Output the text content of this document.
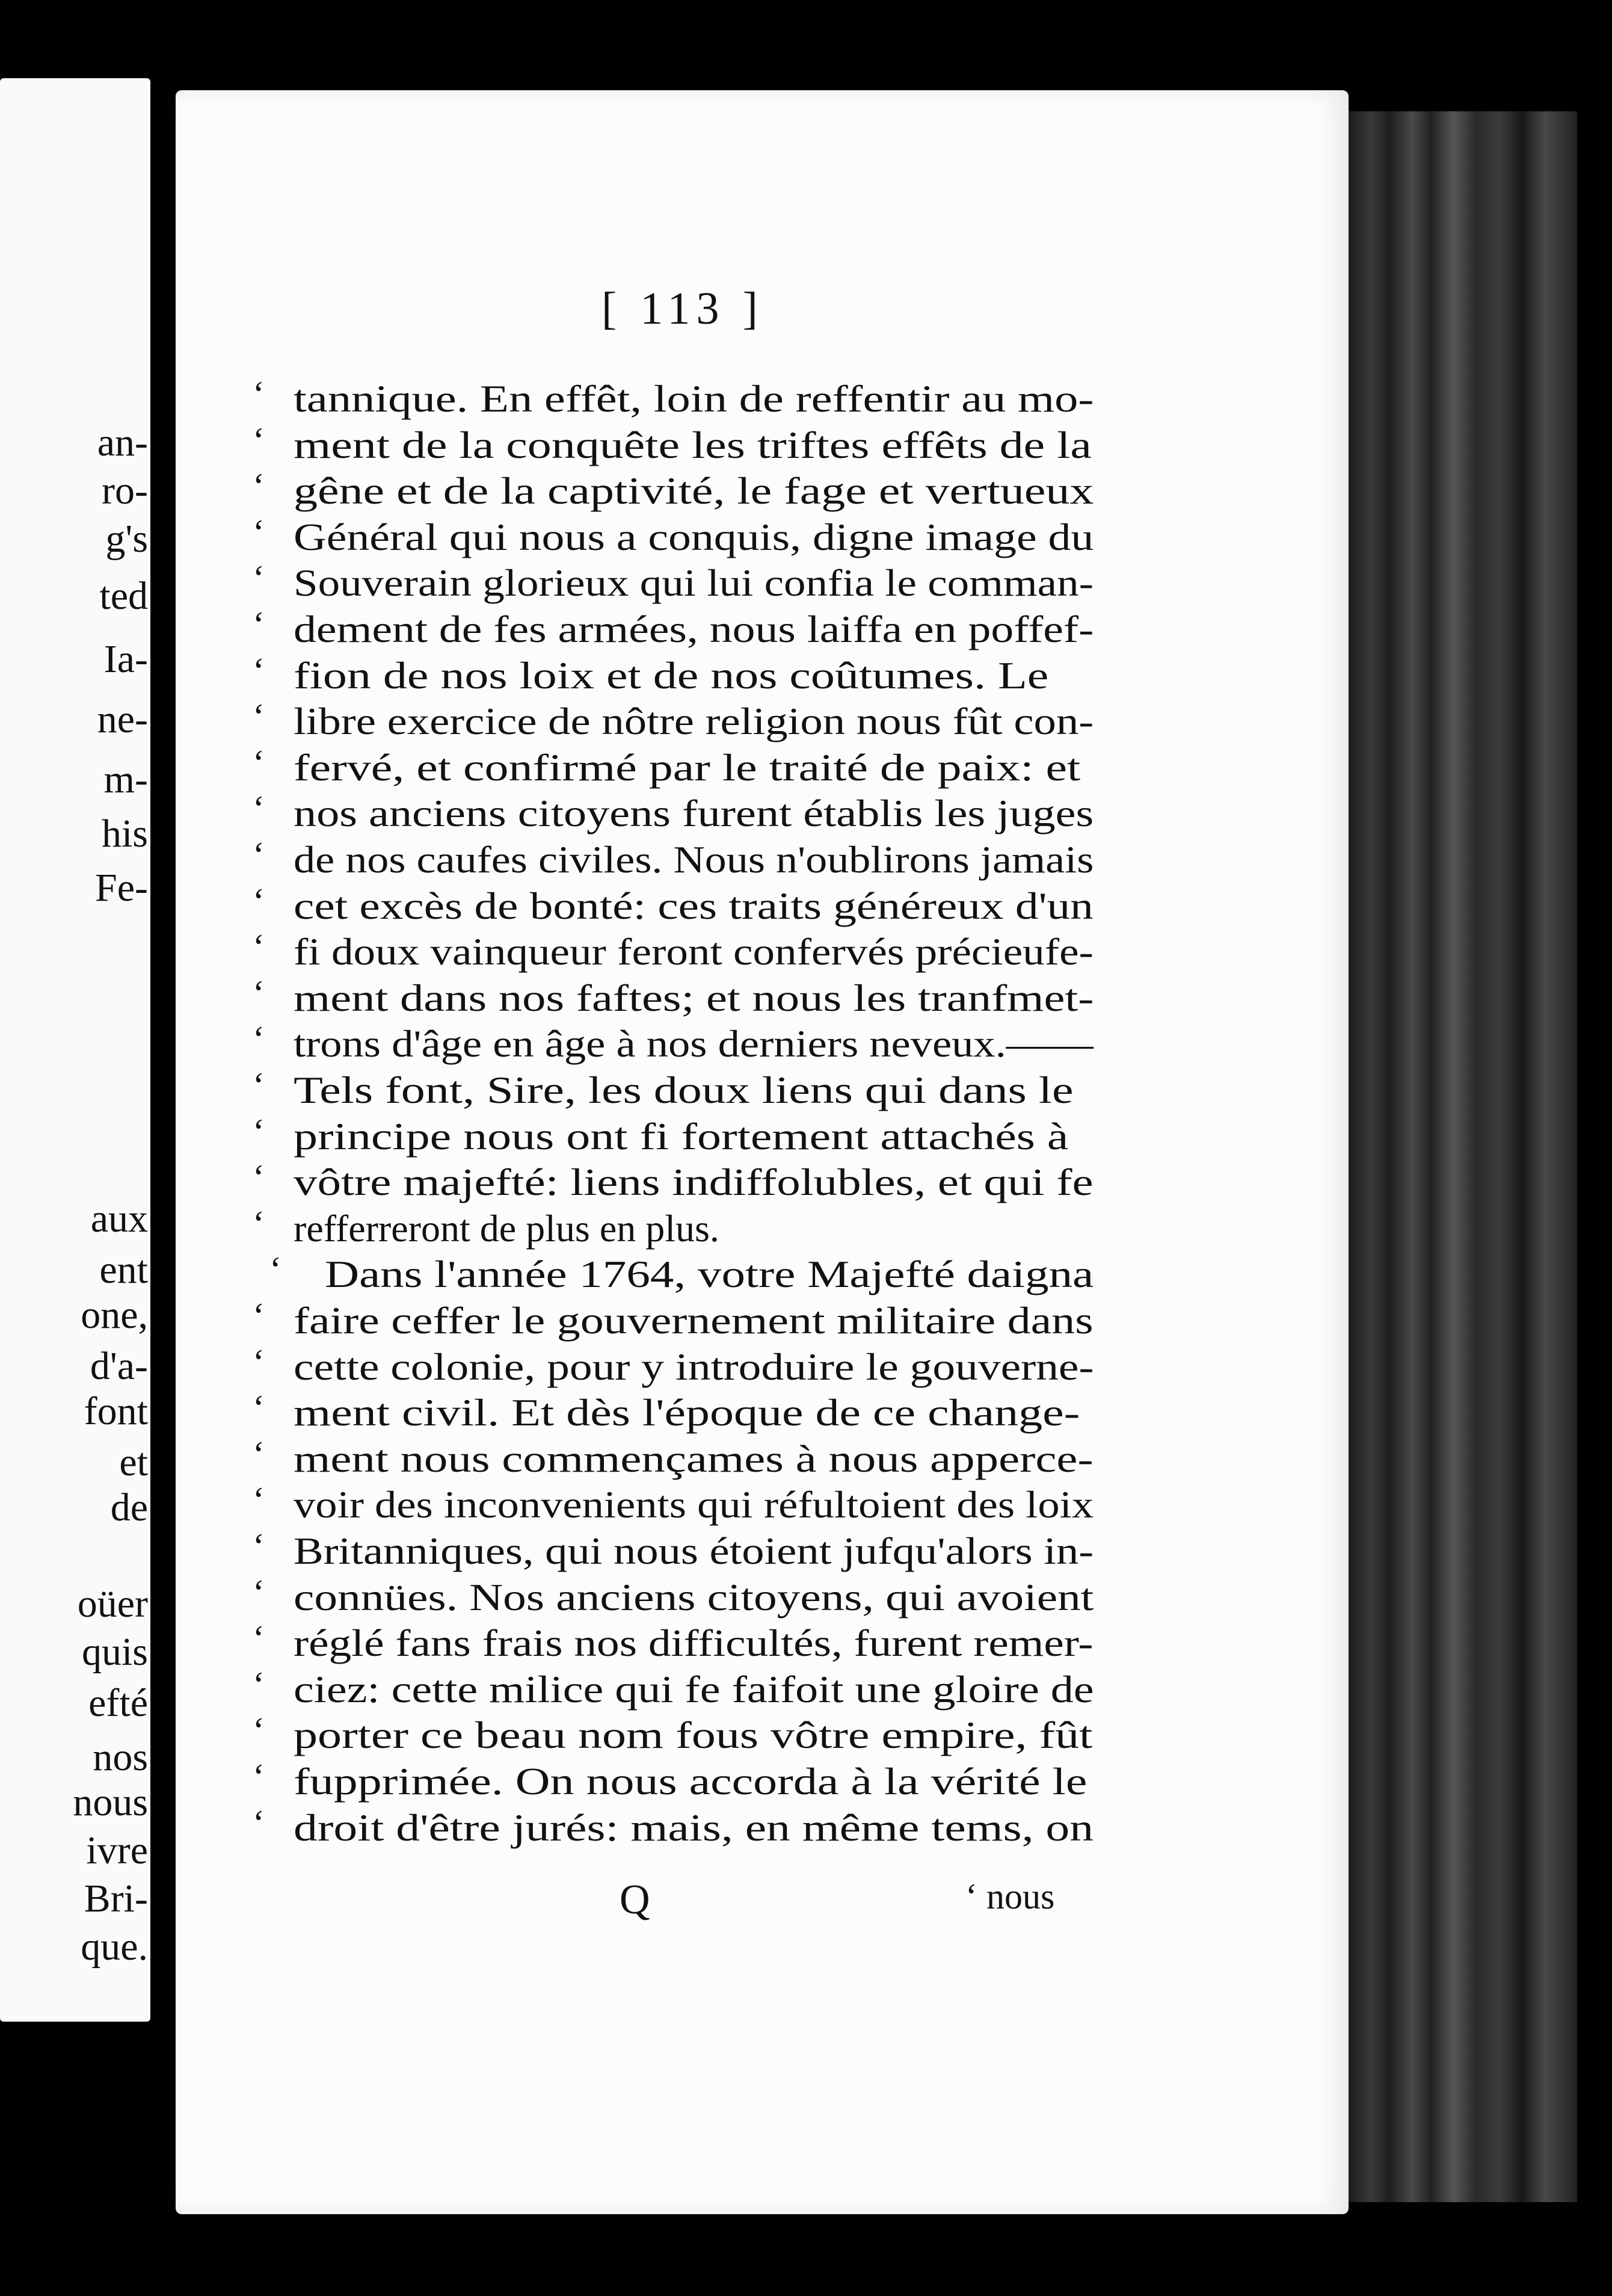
[ 113 ]
an-
ro-
g's
ted
Ia-
ne-
m-
his
Fe-
aux
ent
one,
d'a-
font
et
de
oüer
quis
efté
nos
nous
ivre
Bri-
que.
‘ tannique. En effêt, loin de reffentir au mo-
‘ ment de la conquête les triftes effêts de la
‘ gêne et de la captivité, le fage et vertueux
‘ Général qui nous a conquis, digne image du
‘ Souverain glorieux qui lui confia le comman-
‘ dement de fes armées, nous laiffa en poffef-
‘ fion de nos loix et de nos coûtumes. Le
‘ libre exercice de nôtre religion nous fût con-
‘ fervé, et confirmé par le traité de paix: et
‘ nos anciens citoyens furent établis les juges
‘ de nos caufes civiles. Nous n'oublirons jamais
‘ cet excès de bonté: ces traits généreux d'un
‘ fi doux vainqueur feront confervés précieufe-
‘ ment dans nos faftes; et nous les tranfmet-
‘ trons d'âge en âge à nos derniers neveux.——
‘ Tels font, Sire, les doux liens qui dans le
‘ principe nous ont fi fortement attachés à
‘ vôtre majefté: liens indiffolubles, et qui fe
‘ refferreront de plus en plus.
‘ Dans l'année 1764, votre Majefté daigna
‘ faire ceffer le gouvernement militaire dans
‘ cette colonie, pour y introduire le gouverne-
‘ ment civil. Et dès l'époque de ce change-
‘ ment nous commençames à nous apperce-
‘ voir des inconvenients qui réfultoient des loix
‘ Britanniques, qui nous étoient jufqu'alors in-
‘ connües. Nos anciens citoyens, qui avoient
‘ réglé fans frais nos difficultés, furent remer-
‘ ciez: cette milice qui fe faifoit une gloire de
‘ porter ce beau nom fous vôtre empire, fût
‘ fupprimée. On nous accorda à la vérité le
‘ droit d'être jurés: mais, en même tems, on
Q	‘ nous
